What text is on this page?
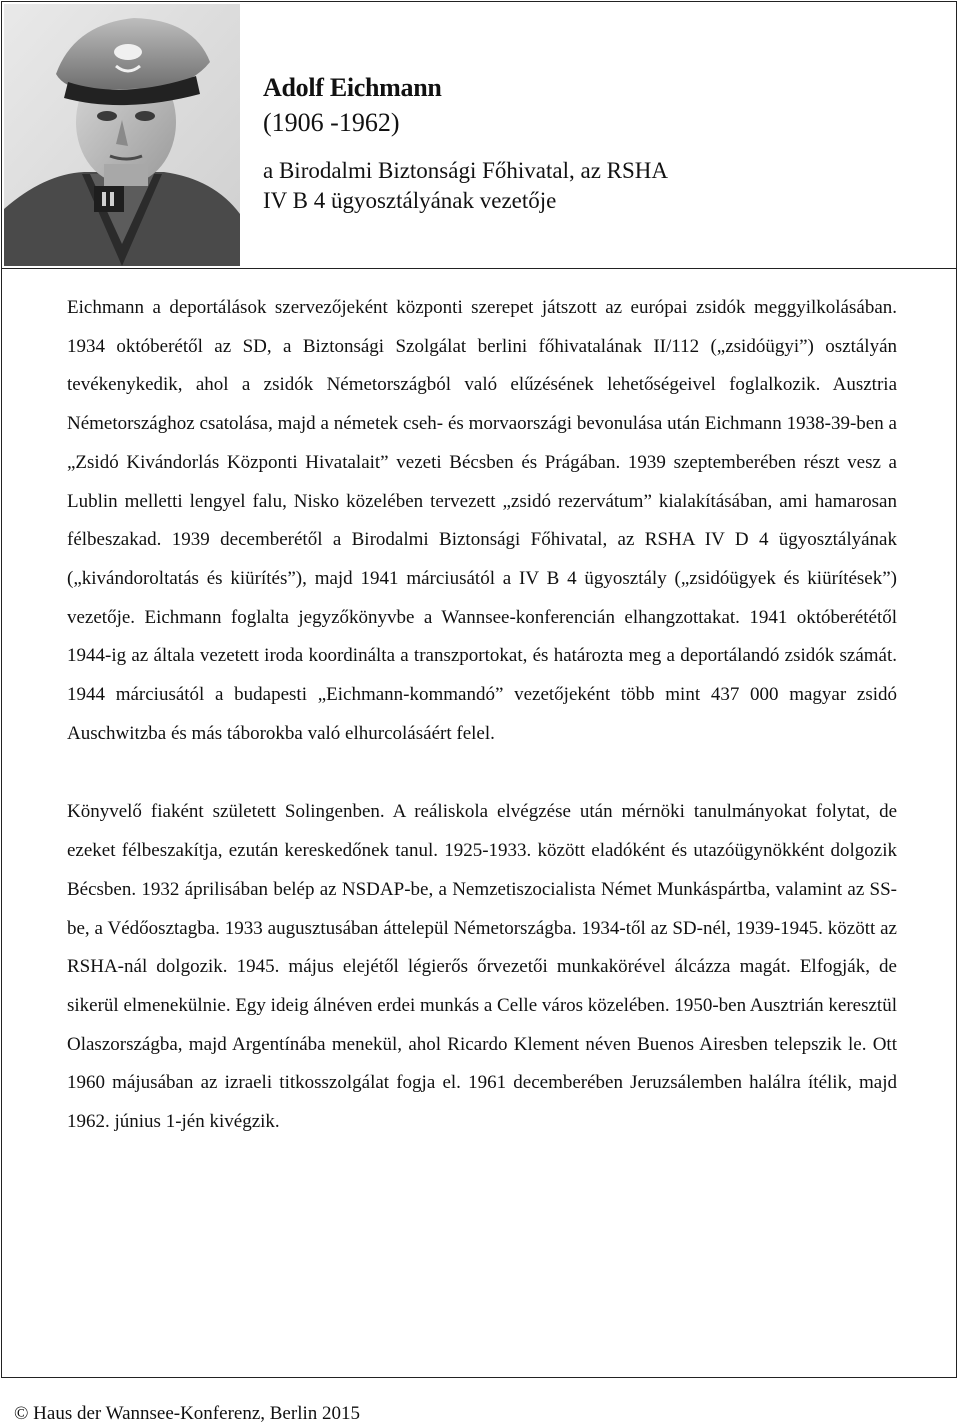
Adolf Eichmann
(1906 -1962)
a Birodalmi Biztonsági Főhivatal, az RSHA
IV B 4 ügyosztályának vezetője

Eichmann a deportálások szervezőjeként központi szerepet játszott az európai zsidók meggyilkolásában. 1934 októberétől az SD, a Biztonsági Szolgálat berlini főhivatalának II/112 („zsidóügyi”) osztályán tevékenykedik, ahol a zsidók Németországból való elűzésének lehetőségeivel foglalkozik. Ausztria Németországhoz csatolása, majd a németek cseh- és morvaországi bevonulása után Eichmann 1938-39-ben a „Zsidó Kivándorlás Központi Hivatalait” vezeti Bécsben és Prágában. 1939 szeptemberében részt vesz a Lublin melletti lengyel falu, Nisko közelében tervezett „zsidó rezervátum” kialakításában, ami hamarosan félbeszakad. 1939 decemberétől a Birodalmi Biztonsági Főhivatal, az RSHA IV D 4 ügyosztályának („kivándoroltatás és kiürítés”), majd 1941 márciusától a IV B 4 ügyosztály („zsidóügyek és kiürítések”) vezetője. Eichmann foglalta jegyzőkönyvbe a Wannsee-konferencián elhangzottakat. 1941 októberététől 1944-ig az általa vezetett iroda koordinálta a transzportokat, és határozta meg a deportálandó zsidók számát. 1944 márciusától a budapesti „Eichmann-kommandó” vezetőjeként több mint 437 000 magyar zsidó Auschwitzba és más táborokba való elhurcolásáért felel.

Könyvelő fiaként született Solingenben. A reáliskola elvégzése után mérnöki tanulmányokat folytat, de ezeket félbeszakítja, ezután kereskedőnek tanul. 1925-1933. között eladóként és utazóügynökként dolgozik Bécsben. 1932 áprilisában belép az NSDAP-be, a Nemzetiszocialista Német Munkáspártba, valamint az SS-be, a Védőosztagba. 1933 augusztusában áttelepül Németországba. 1934-től az SD-nél, 1939-1945. között az RSHA-nál dolgozik. 1945. május elejétől légierős őrvezetői munkakörével álcázza magát. Elfogják, de sikerül elmenekülnie. Egy ideig álnéven erdei munkás a Celle város közelében. 1950-ben Ausztrián keresztül Olaszországba, majd Argentínába menekül, ahol Ricardo Klement néven Buenos Airesben telepszik le. Ott 1960 májusában az izraeli titkosszolgálat fogja el. 1961 decemberében Jeruzsálemben halálra ítélik, majd 1962. június 1-jén kivégzik.

© Haus der Wannsee-Konferenz, Berlin 2015
